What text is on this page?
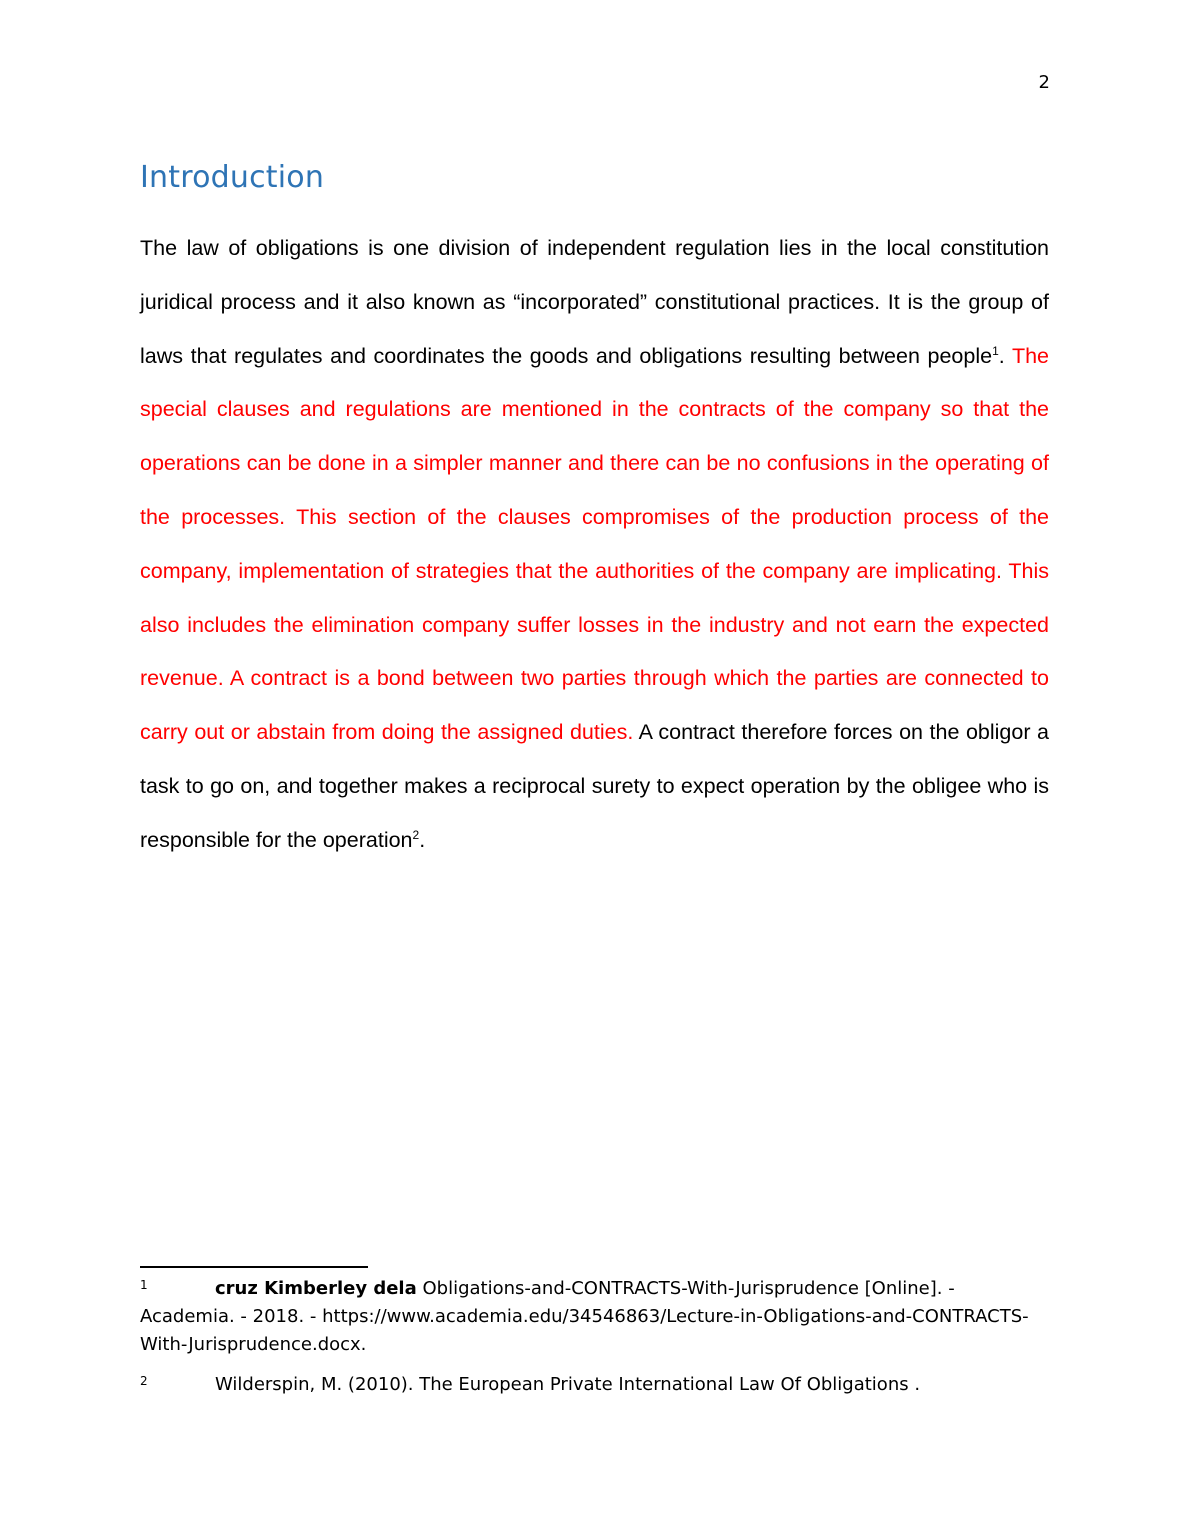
2
Introduction

The law of obligations is one division of independent regulation lies in the local constitution juridical process and it also known as “incorporated” constitutional practices. It is the group of laws that regulates and coordinates the goods and obligations resulting between people$^1$. The special clauses and regulations are mentioned in the contracts of the company so that the operations can be done in a simpler manner and there can be no confusions in the operating of the processes. This section of the clauses compromises of the production process of the company, implementation of strategies that the authorities of the company are implicating. This also includes the elimination company suffer losses in the industry and not earn the expected revenue. A contract is a bond between two parties through which the parties are connected to carry out or abstain from doing the assigned duties. A contract therefore forces on the obligor a task to go on, and together makes a reciprocal surety to expect operation by the obligee who is responsible for the operation$^2$.

1	cruz Kimberley dela Obligations-and-CONTRACTS-With-Jurisprudence [Online]. - Academia. - 2018. - https://www.academia.edu/34546863/Lecture-in-Obligations-and-CONTRACTS-With-Jurisprudence.docx.

2	Wilderspin, M. (2010). The European Private International Law Of Obligations .
